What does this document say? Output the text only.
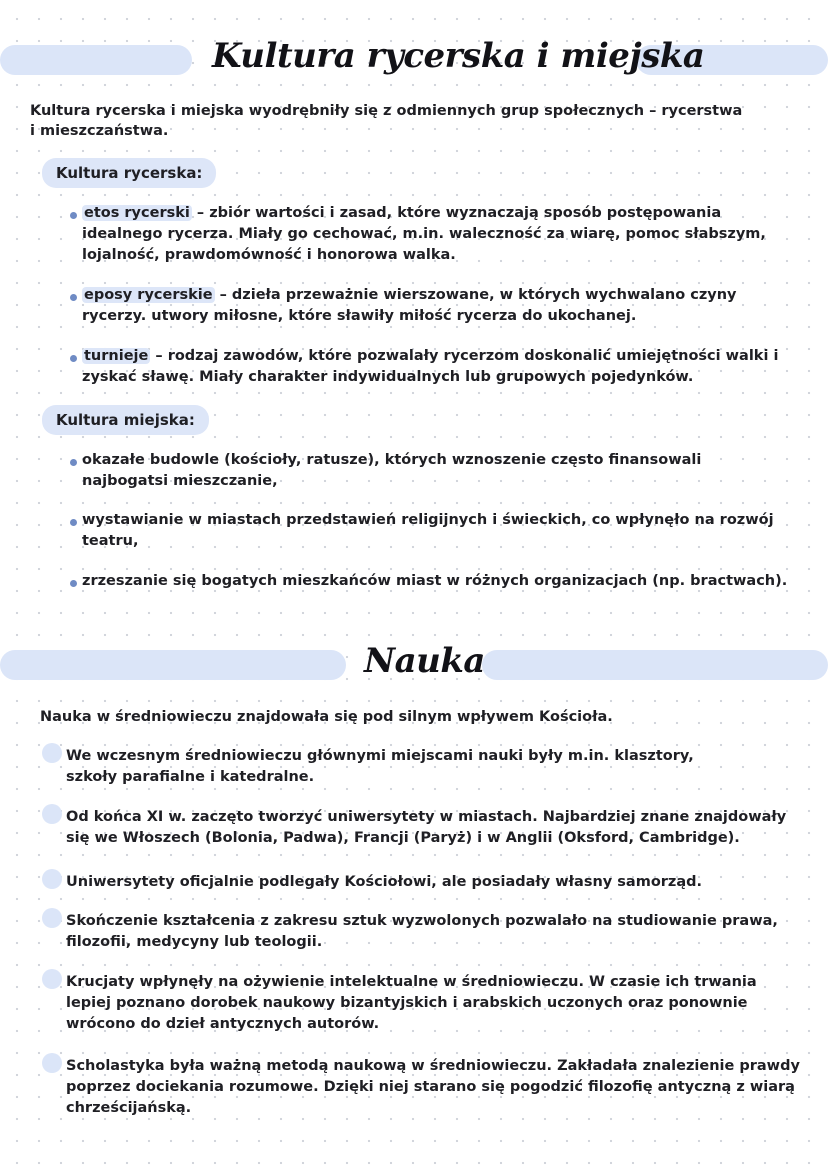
Kultura rycerska i miejska
Kultura rycerska i miejska wyodrębniły się z odmiennych grup społecznych – rycerstwa i mieszczaństwa.
Kultura rycerska:
etos rycerski – zbiór wartości i zasad, które wyznaczają sposób postępowania idealnego rycerza. Miały go cechować, m.in. waleczność za wiarę, pomoc słabszym, lojalność, prawdomówność i honorowa walka.
eposy rycerskie – dzieła przeważnie wierszowane, w których wychwalano czyny rycerzy. utwory miłosne, które sławiły miłość rycerza do ukochanej.
turnieje – rodzaj zawodów, które pozwalały rycerzom doskonalić umiejętności walki i zyskać sławę. Miały charakter indywidualnych lub grupowych pojedynków.
Kultura miejska:
okazałe budowle (kościoły, ratusze), których wznoszenie często finansowali najbogatsi mieszczanie,
wystawianie w miastach przedstawień religijnych i świeckich, co wpłynęło na rozwój teatru,
zrzeszanie się bogatych mieszkańców miast w różnych organizacjach (np. bractwach).
Nauka
Nauka w średniowieczu znajdowała się pod silnym wpływem Kościoła.
We wczesnym średniowieczu głównymi miejscami nauki były m.in. klasztory, szkoły parafialne i katedralne.
Od końca XI w. zaczęto tworzyć uniwersytety w miastach. Najbardziej znane znajdowały się we Włoszech (Bolonia, Padwa), Francji (Paryż) i w Anglii (Oksford, Cambridge).
Uniwersytety oficjalnie podlegały Kościołowi, ale posiadały własny samorząd.
Skończenie kształcenia z zakresu sztuk wyzwolonych pozwalało na studiowanie prawa, filozofii, medycyny lub teologii.
Krucjaty wpłynęły na ożywienie intelektualne w średniowieczu. W czasie ich trwania lepiej poznano dorobek naukowy bizantyjskich i arabskich uczonych oraz ponownie wrócono do dzieł antycznych autorów.
Scholastyka była ważną metodą naukową w średniowieczu. Zakładała znalezienie prawdy poprzez dociekania rozumowe. Dzięki niej starano się pogodzić filozofię antyczną z wiarą chrześcijańską.
